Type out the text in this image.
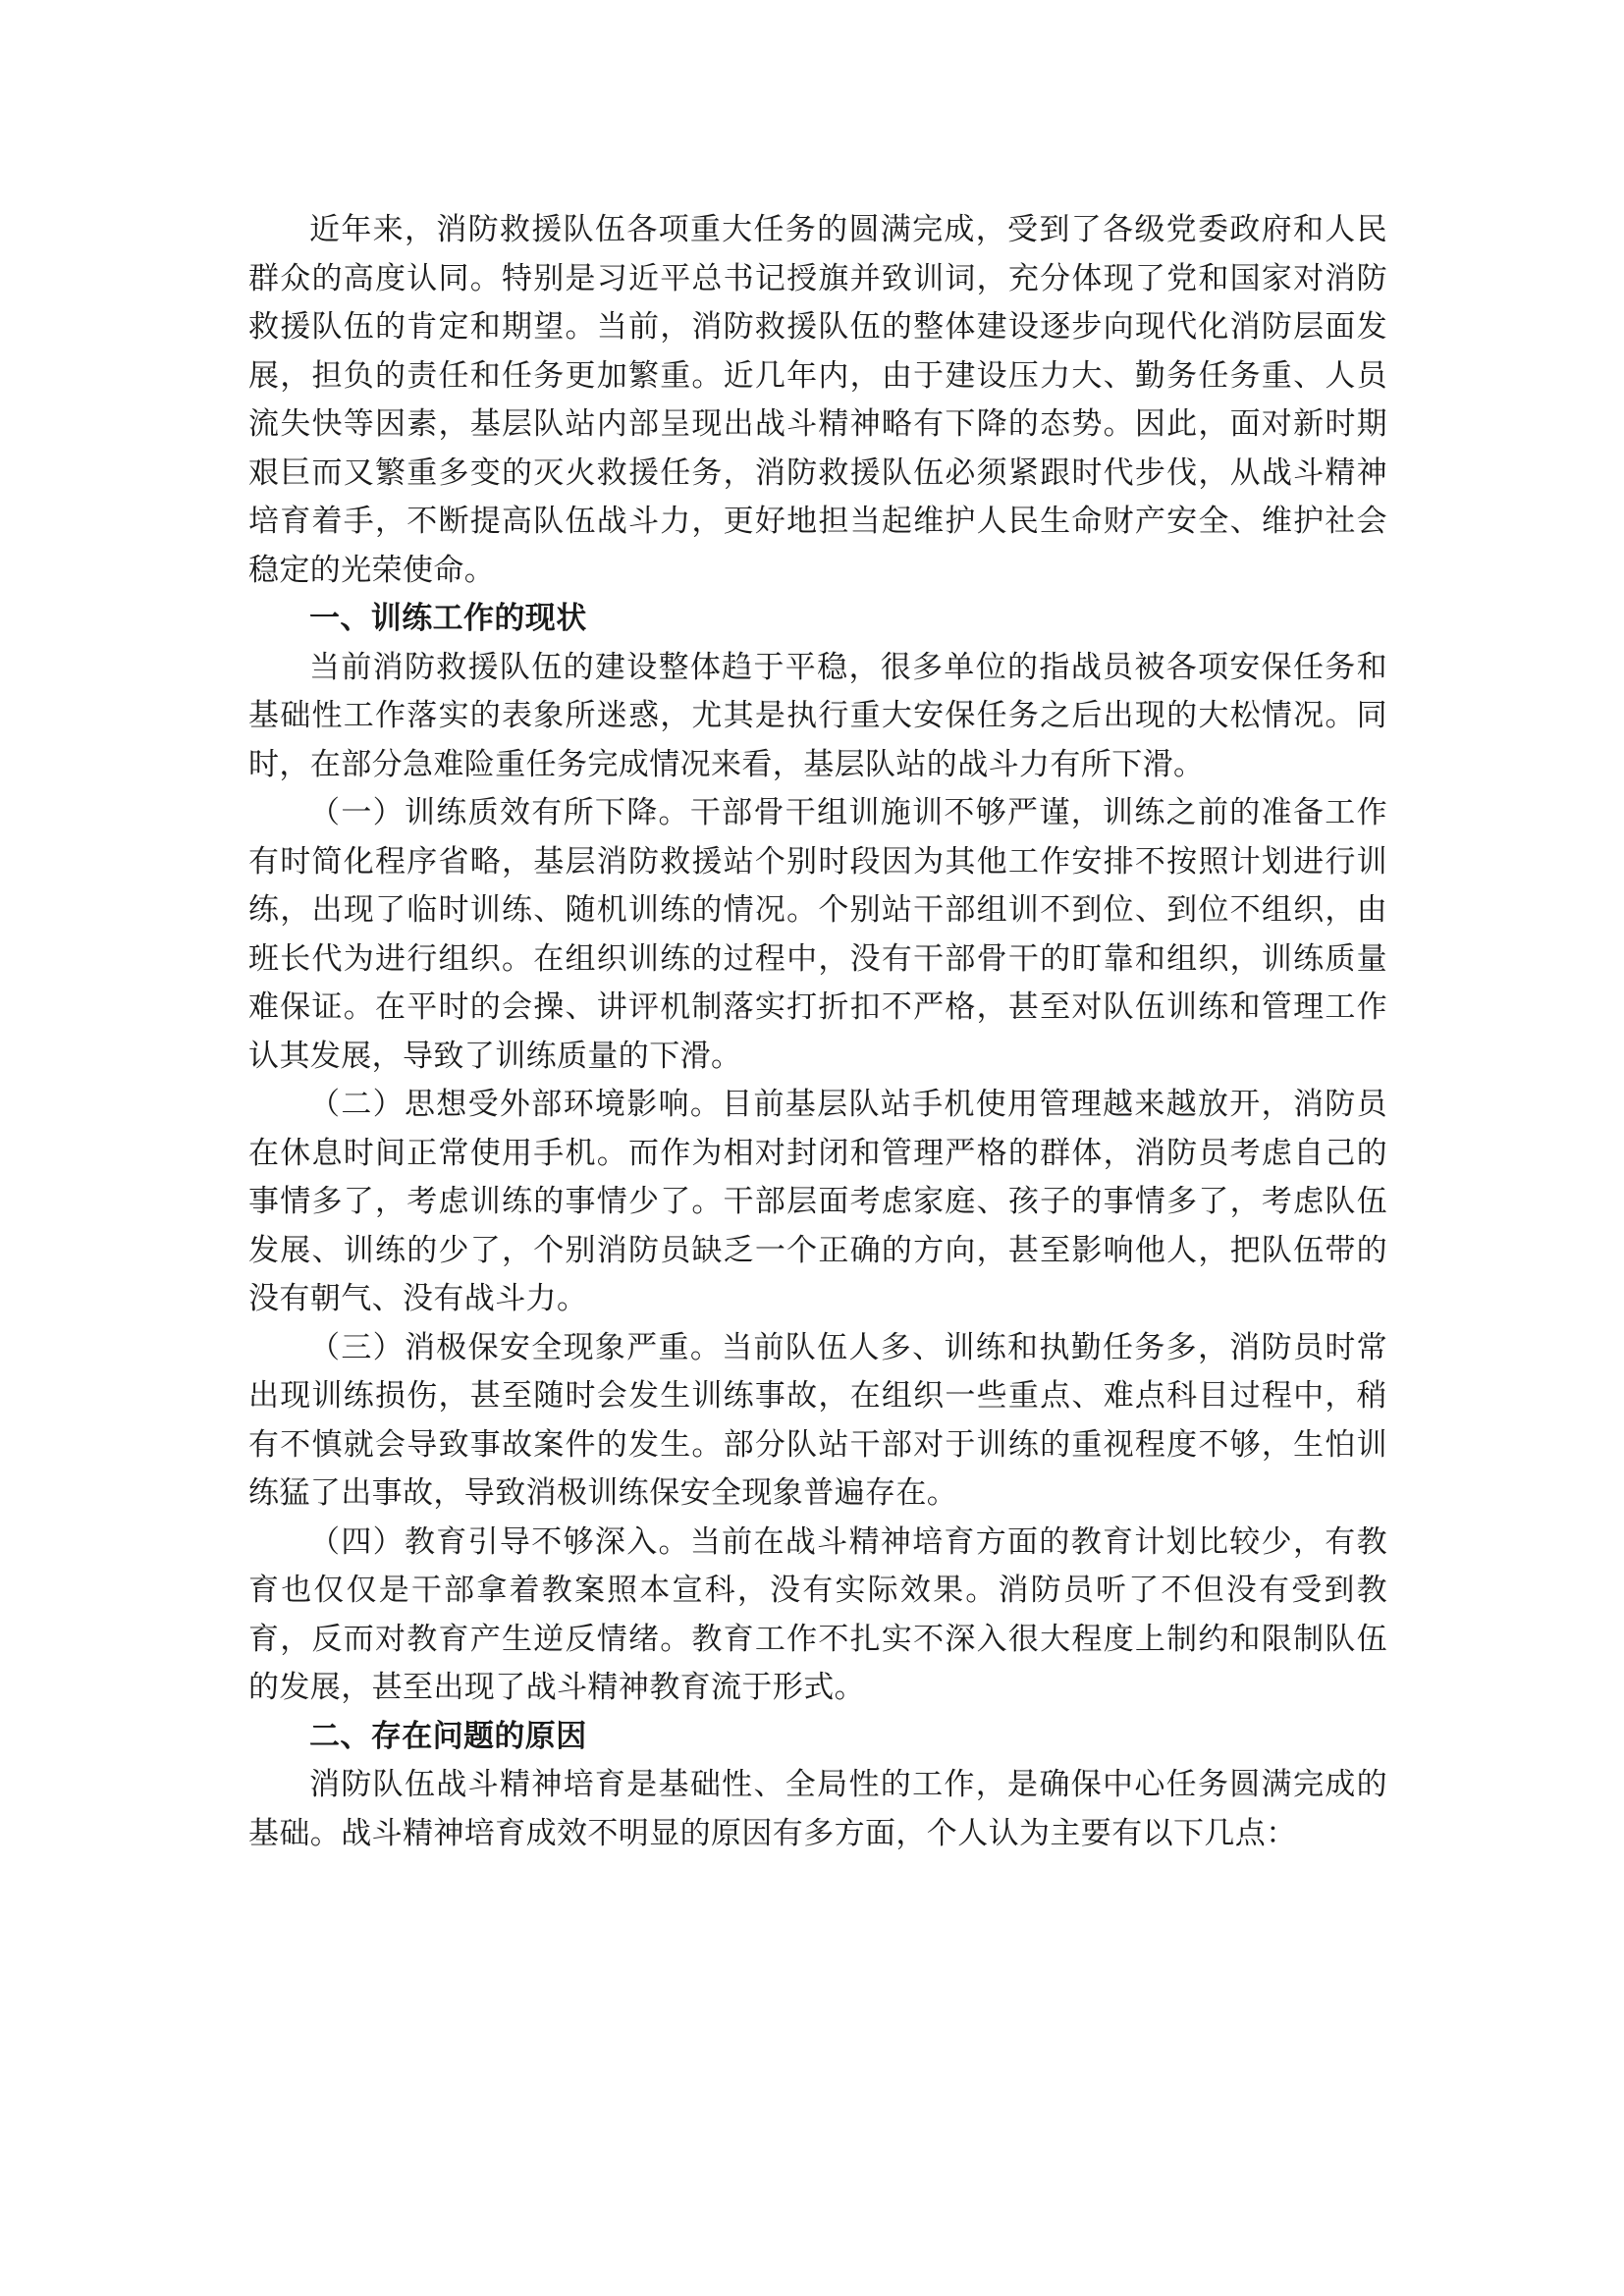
近年来，消防救援队伍各项重大任务的圆满完成，受到了各级党委政府和人民群众的高度认同。特别是习近平总书记授旗并致训词，充分体现了党和国家对消防救援队伍的肯定和期望。当前，消防救援队伍的整体建设逐步向现代化消防层面发展，担负的责任和任务更加繁重。近几年内，由于建设压力大、勤务任务重、人员流失快等因素，基层队站内部呈现出战斗精神略有下降的态势。因此，面对新时期艰巨而又繁重多变的灭火救援任务，消防救援队伍必须紧跟时代步伐，从战斗精神培育着手，不断提高队伍战斗力，更好地担当起维护人民生命财产安全、维护社会稳定的光荣使命。

一、训练工作的现状

当前消防救援队伍的建设整体趋于平稳，很多单位的指战员被各项安保任务和基础性工作落实的表象所迷惑，尤其是执行重大安保任务之后出现的大松情况。同时，在部分急难险重任务完成情况来看，基层队站的战斗力有所下滑。

（一）训练质效有所下降。干部骨干组训施训不够严谨，训练之前的准备工作有时简化程序省略，基层消防救援站个别时段因为其他工作安排不按照计划进行训练，出现了临时训练、随机训练的情况。个别站干部组训不到位、到位不组织，由班长代为进行组织。在组织训练的过程中，没有干部骨干的盯靠和组织，训练质量难保证。在平时的会操、讲评机制落实打折扣不严格，甚至对队伍训练和管理工作认其发展，导致了训练质量的下滑。

（二）思想受外部环境影响。目前基层队站手机使用管理越来越放开，消防员在休息时间正常使用手机。而作为相对封闭和管理严格的群体，消防员考虑自己的事情多了，考虑训练的事情少了。干部层面考虑家庭、孩子的事情多了，考虑队伍发展、训练的少了，个别消防员缺乏一个正确的方向，甚至影响他人，把队伍带的没有朝气、没有战斗力。

（三）消极保安全现象严重。当前队伍人多、训练和执勤任务多，消防员时常出现训练损伤，甚至随时会发生训练事故，在组织一些重点、难点科目过程中，稍有不慎就会导致事故案件的发生。部分队站干部对于训练的重视程度不够，生怕训练猛了出事故，导致消极训练保安全现象普遍存在。

（四）教育引导不够深入。当前在战斗精神培育方面的教育计划比较少，有教育也仅仅是干部拿着教案照本宣科，没有实际效果。消防员听了不但没有受到教育，反而对教育产生逆反情绪。教育工作不扎实不深入很大程度上制约和限制队伍的发展，甚至出现了战斗精神教育流于形式。

二、存在问题的原因

消防队伍战斗精神培育是基础性、全局性的工作，是确保中心任务圆满完成的基础。战斗精神培育成效不明显的原因有多方面，个人认为主要有以下几点：
